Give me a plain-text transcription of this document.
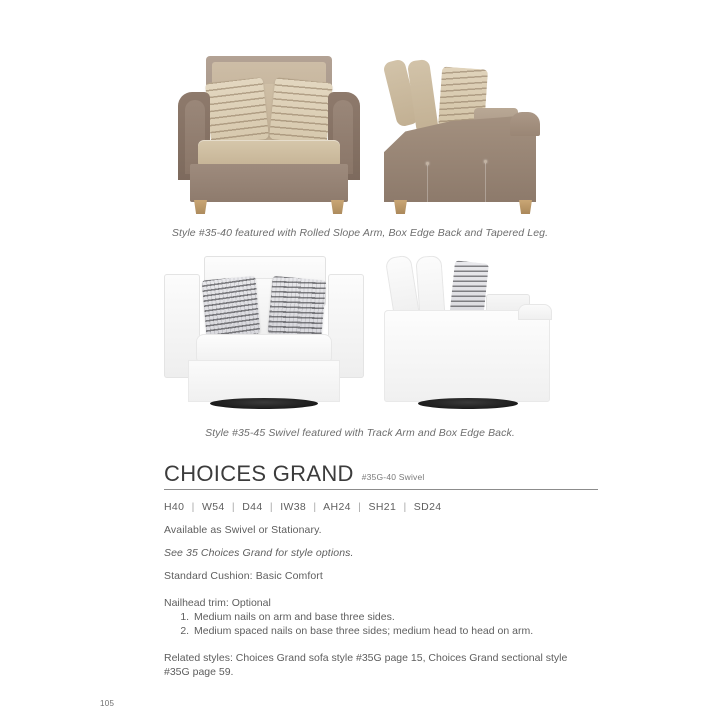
Style #35-40 featured with Rolled Slope Arm, Box Edge Back and Tapered Leg.
Style #35-45 Swivel featured with Track Arm and Box Edge Back.
CHOICES GRAND #35G-40 Swivel
H40 | W54 | D44 | IW38 | AH24 | SH21 | SD24
Available as Swivel or Stationary.
See 35 Choices Grand for style options.
Standard Cushion: Basic Comfort
Nailhead trim: Optional
1. Medium nails on arm and base three sides.
2. Medium spaced nails on base three sides; medium head to head on arm.
Related styles: Choices Grand sofa style #35G page 15, Choices Grand sectional style #35G page 59.
105
